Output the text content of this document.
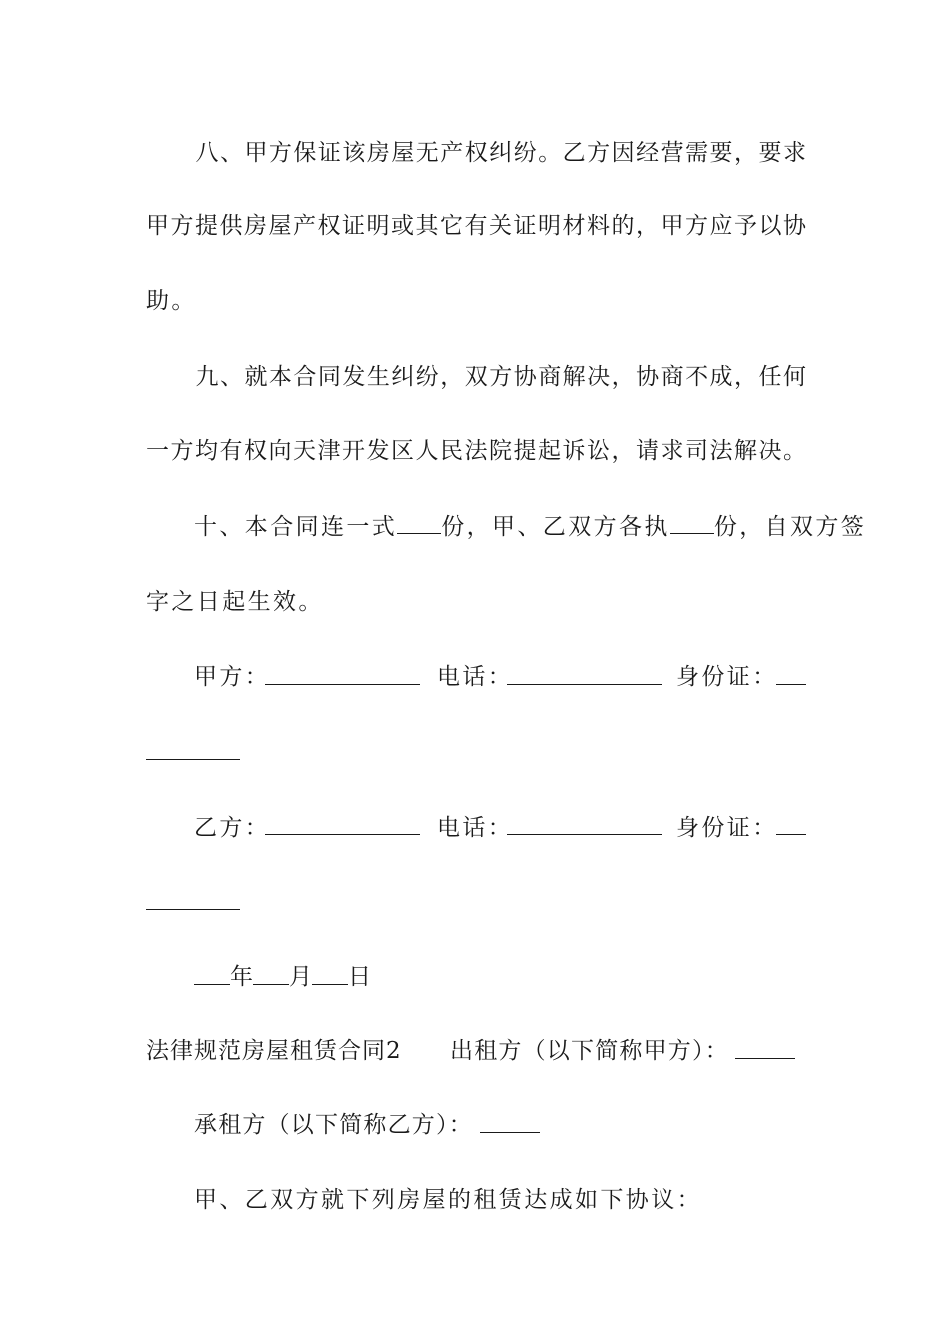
八、甲方保证该房屋无产权纠纷。乙方因经营需要，要求
甲方提供房屋产权证明或其它有关证明材料的，甲方应予以协
助。
九、就本合同发生纠纷，双方协商解决，协商不成，任何
一方均有权向天津开发区人民法院提起诉讼，请求司法解决。
十、本合同连一式 份，甲、乙双方各执 份，自双方签
字之日起生效。
甲方：	电话：	身份证：
乙方：	电话：	身份证：
年 月 日
法律规范房屋租赁合同2 出租方（以下简称甲方）：
承租方（以下简称乙方）：
甲、乙双方就下列房屋的租赁达成如下协议：
